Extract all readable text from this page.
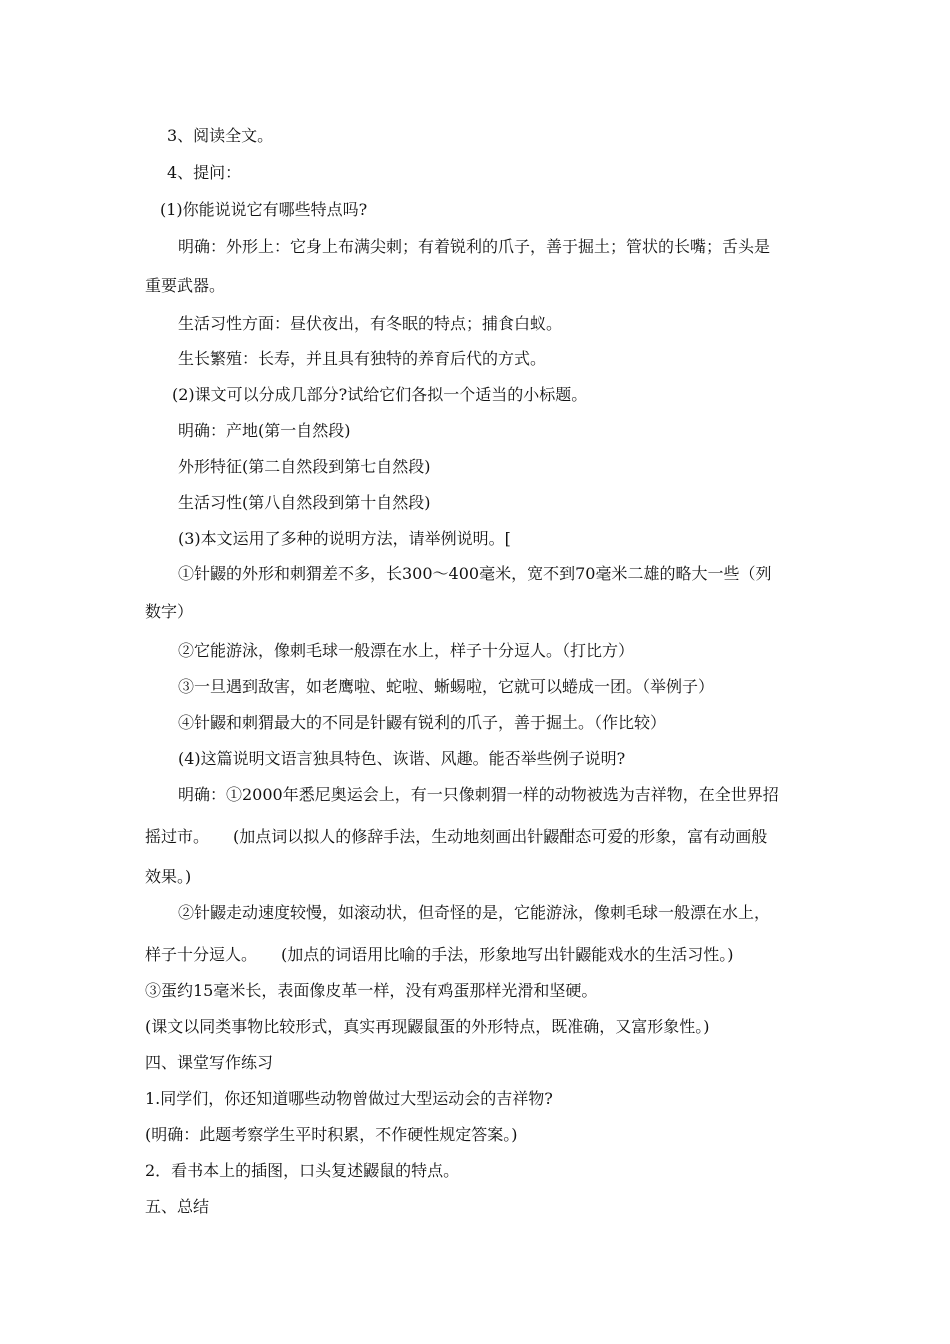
3、阅读全文。
4、提问：
(1)你能说说它有哪些特点吗?
明确：外形上：它身上布满尖刺；有着锐利的爪子，善于掘土；管状的长嘴；舌头是
重要武器。
生活习性方面：昼伏夜出，有冬眠的特点；捕食白蚁。
生长繁殖：长寿，并且具有独特的养育后代的方式。
(2)课文可以分成几部分?试给它们各拟一个适当的小标题。
明确：产地(第一自然段)
外形特征(第二自然段到第七自然段)
生活习性(第八自然段到第十自然段)
(3)本文运用了多种的说明方法，请举例说明。[
①针鼹的外形和刺猬差不多，长300～400毫米，宽不到70毫米二雄的略大一些（列
数字）
②它能游泳，像刺毛球一般漂在水上，样子十分逗人。（打比方）
③一旦遇到敌害，如老鹰啦、蛇啦、蜥蜴啦，它就可以蜷成一团。（举例子）
④针鼹和刺猬最大的不同是针鼹有锐利的爪子，善于掘土。（作比较）
(4)这篇说明文语言独具特色、诙谐、风趣。能否举些例子说明?
明确：①2000年悉尼奥运会上，有一只像刺猬一样的动物被选为吉祥物，在全世界招
摇过市。　　(加点词以拟人的修辞手法，生动地刻画出针鼹酣态可爱的形象，富有动画般
效果。)
②针鼹走动速度较慢，如滚动状，但奇怪的是，它能游泳，像刺毛球一般漂在水上，
样子十分逗人。　　(加点的词语用比喻的手法，形象地写出针鼹能戏水的生活习性。)
③蛋约15毫米长，表面像皮革一样，没有鸡蛋那样光滑和坚硬。
(课文以同类事物比较形式，真实再现鼹鼠蛋的外形特点，既准确，又富形象性。)
四、课堂写作练习
1.同学们，你还知道哪些动物曾做过大型运动会的吉祥物?
(明确：此题考察学生平时积累，不作硬性规定答案。)
2．看书本上的插图，口头复述鼹鼠的特点。
五、总结
